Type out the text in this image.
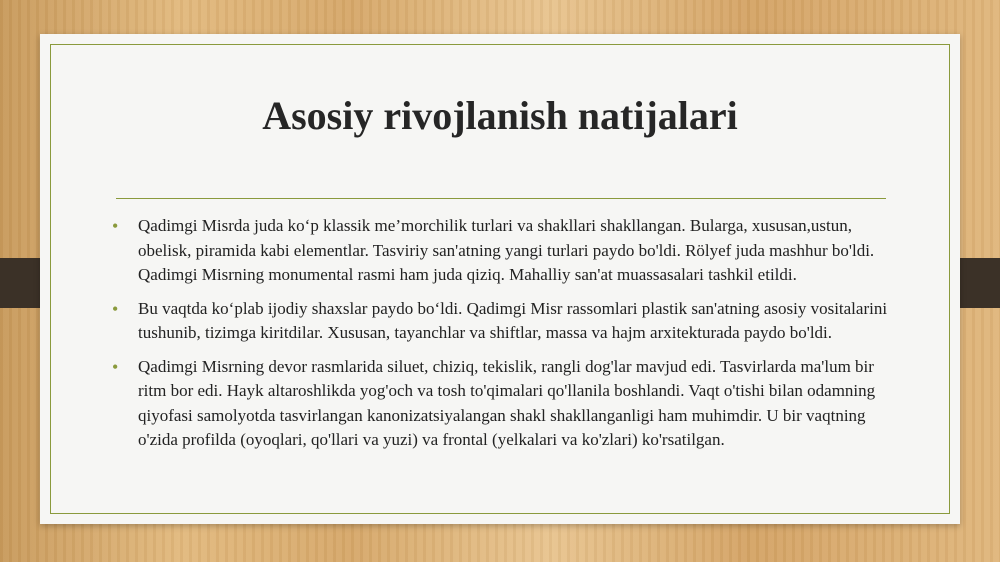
Asosiy rivojlanish natijalari
• Qadimgi Misrda juda ko‘p klassik me’morchilik turlari va shakllari shakllangan. Bularga, xususan,ustun, obelisk, piramida kabi elementlar. Tasviriy san'atning yangi turlari paydo bo'ldi. Rölyef juda mashhur bo'ldi. Qadimgi Misrning monumental rasmi ham juda qiziq. Mahalliy san'at muassasalari tashkil etildi.
• Bu vaqtda ko‘plab ijodiy shaxslar paydo bo‘ldi. Qadimgi Misr rassomlari plastik san'atning asosiy vositalarini tushunib, tizimga kiritdilar. Xususan, tayanchlar va shiftlar, massa va hajm arxitekturada paydo bo'ldi.
• Qadimgi Misrning devor rasmlarida siluet, chiziq, tekislik, rangli dog'lar mavjud edi. Tasvirlarda ma'lum bir ritm bor edi. Hayk altaroshlikda yog'och va tosh to'qimalari qo'llanila boshlandi. Vaqt o'tishi bilan odamning qiyofasi samolyotda tasvirlangan kanonizatsiyalangan shakl shakllanganligi ham muhimdir. U bir vaqtning o'zida profilda (oyoqlari, qo'llari va yuzi) va frontal (yelkalari va ko'zlari) ko'rsatilgan.
